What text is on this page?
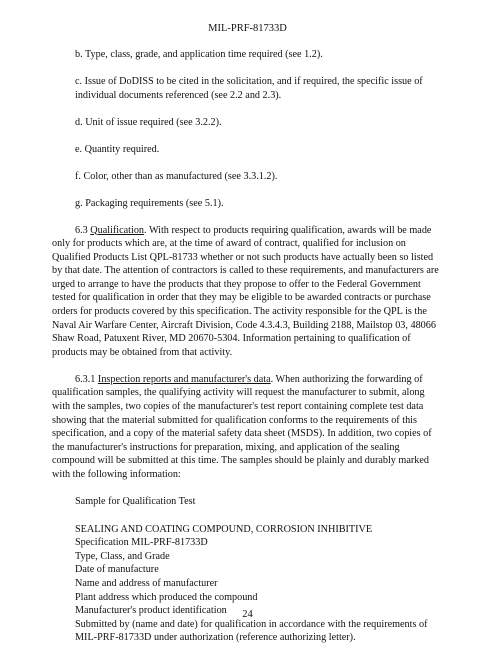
MIL-PRF-81733D

b. Type, class, grade, and application time required (see 1.2).

c. Issue of DoDISS to be cited in the solicitation, and if required, the specific issue of individual documents referenced (see 2.2 and 2.3).

d. Unit of issue required (see 3.2.2).

e. Quantity required.

f. Color, other than as manufactured (see 3.3.1.2).

g. Packaging requirements (see 5.1).

6.3 Qualification. With respect to products requiring qualification, awards will be made only for products which are, at the time of award of contract, qualified for inclusion on Qualified Products List QPL-81733 whether or not such products have actually been so listed by that date. The attention of contractors is called to these requirements, and manufacturers are urged to arrange to have the products that they propose to offer to the Federal Government tested for qualification in order that they may be eligible to be awarded contracts or purchase orders for products covered by this specification. The activity responsible for the QPL is the Naval Air Warfare Center, Aircraft Division, Code 4.3.4.3, Building 2188, Mailstop 03, 48066 Shaw Road, Patuxent River, MD 20670-5304. Information pertaining to qualification of products may be obtained from that activity.

6.3.1 Inspection reports and manufacturer's data. When authorizing the forwarding of qualification samples, the qualifying activity will request the manufacturer to submit, along with the samples, two copies of the manufacturer's test report containing complete test data showing that the material submitted for qualification conforms to the requirements of this specification, and a copy of the material safety data sheet (MSDS). In addition, two copies of the manufacturer's instructions for preparation, mixing, and application of the sealing compound will be submitted at this time. The samples should be plainly and durably marked with the following information:

Sample for Qualification Test
SEALING AND COATING COMPOUND, CORROSION INHIBITIVE
Specification MIL-PRF-81733D
Type, Class, and Grade
Date of manufacture
Name and address of manufacturer
Plant address which produced the compound
Manufacturer's product identification
Submitted by (name and date) for qualification in accordance with the requirements of MIL-PRF-81733D under authorization (reference authorizing letter).
24
